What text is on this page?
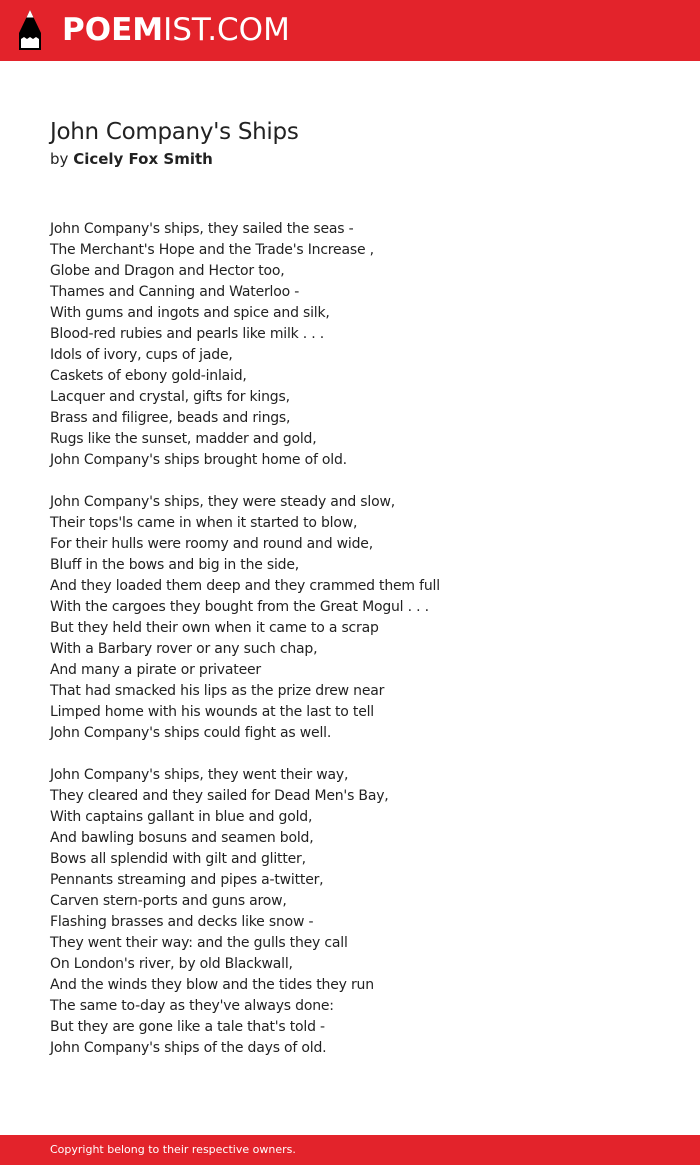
POEMIST.COM
John Company's Ships
by Cicely Fox Smith
John Company's ships, they sailed the seas -
The Merchant's Hope and the Trade's Increase ,
Globe and Dragon and Hector too,
Thames and Canning and Waterloo -
With gums and ingots and spice and silk,
Blood-red rubies and pearls like milk . . .
Idols of ivory, cups of jade,
Caskets of ebony gold-inlaid,
Lacquer and crystal, gifts for kings,
Brass and filigree, beads and rings,
Rugs like the sunset, madder and gold,
John Company's ships brought home of old.
John Company's ships, they were steady and slow,
Their tops'ls came in when it started to blow,
For their hulls were roomy and round and wide,
Bluff in the bows and big in the side,
And they loaded them deep and they crammed them full
With the cargoes they bought from the Great Mogul . . .
But they held their own when it came to a scrap
With a Barbary rover or any such chap,
And many a pirate or privateer
That had smacked his lips as the prize drew near
Limped home with his wounds at the last to tell
John Company's ships could fight as well.
John Company's ships, they went their way,
They cleared and they sailed for Dead Men's Bay,
With captains gallant in blue and gold,
And bawling bosuns and seamen bold,
Bows all splendid with gilt and glitter,
Pennants streaming and pipes a-twitter,
Carven stern-ports and guns arow,
Flashing brasses and decks like snow -
They went their way: and the gulls they call
On London's river, by old Blackwall,
And the winds they blow and the tides they run
The same to-day as they've always done:
But they are gone like a tale that's told -
John Company's ships of the days of old.
Copyright belong to their respective owners.
